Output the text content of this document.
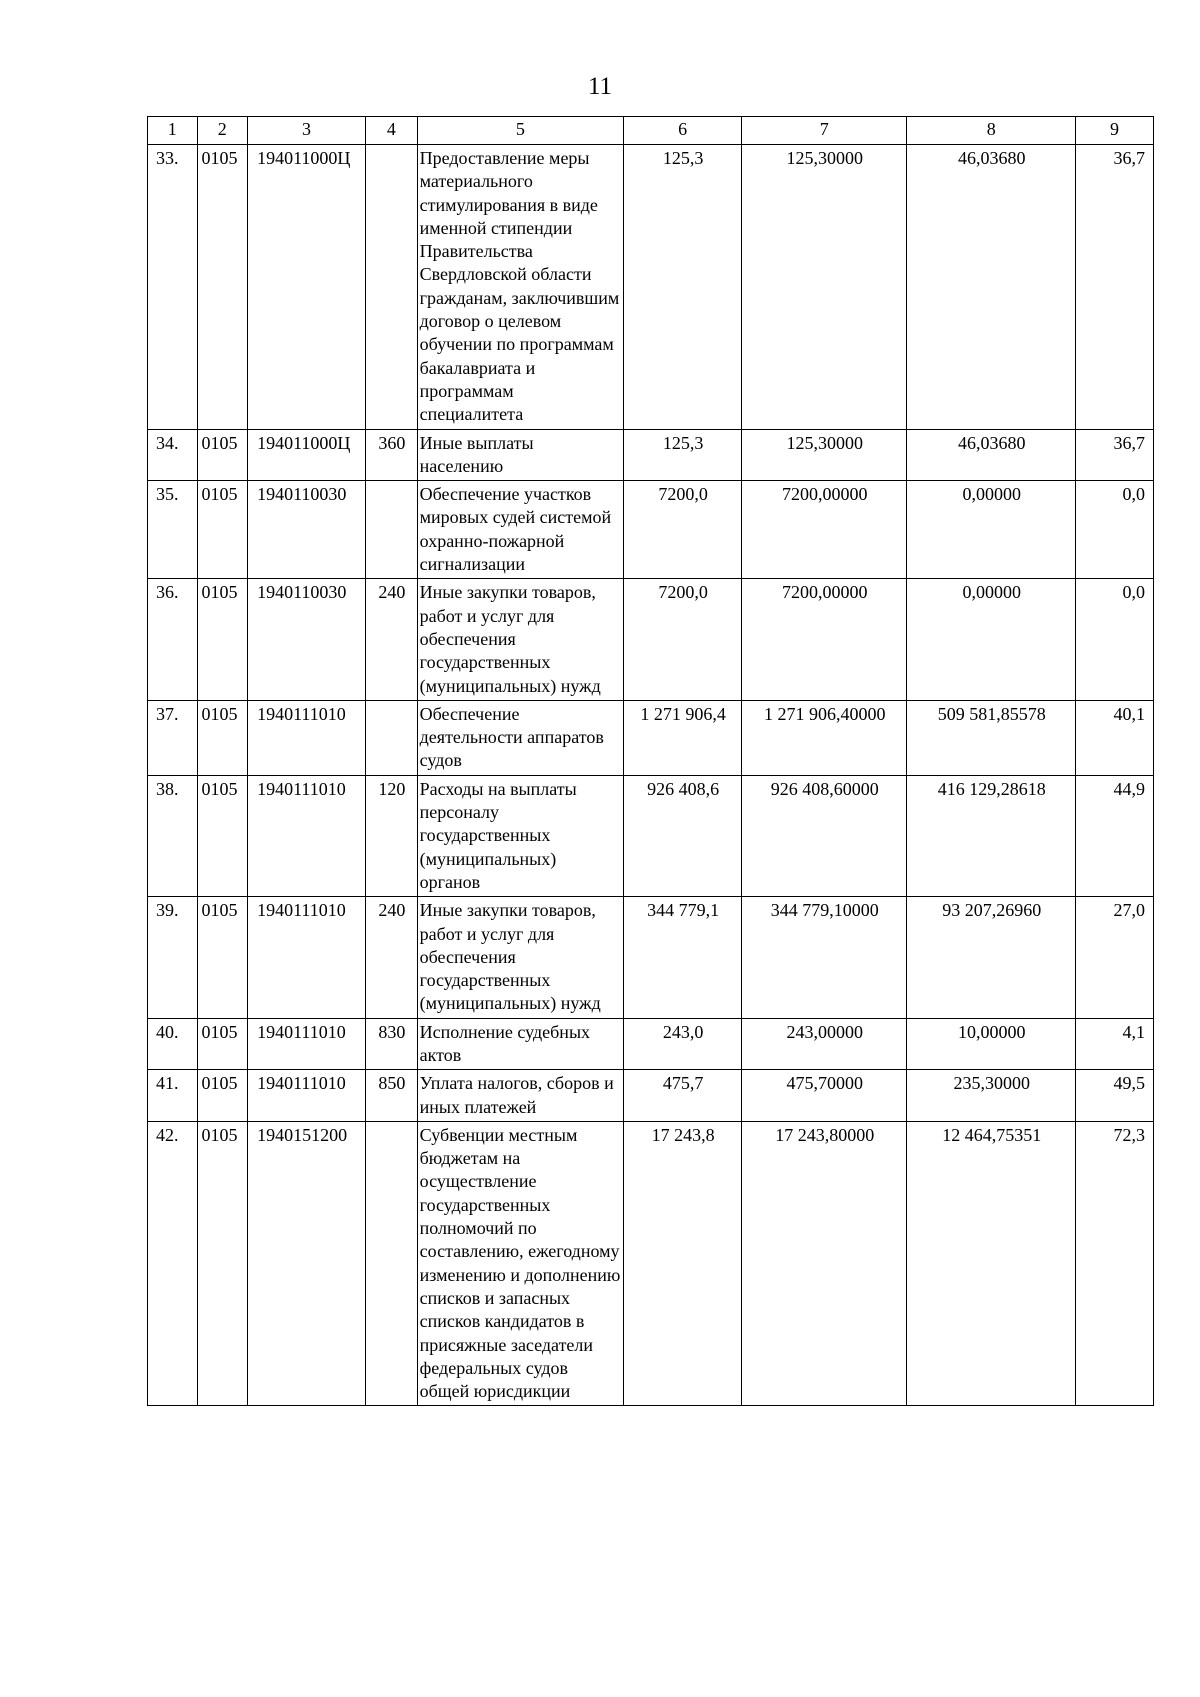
11
1	2	3	4	5	6	7	8	9
33.	0105	194011000Ц		Предоставление меры материального стимулирования в виде именной стипендии Правительства Свердловской области гражданам, заключившим договор о целевом обучении по программам бакалавриата и программам специалитета	125,3	125,30000	46,03680	36,7
34.	0105	194011000Ц	360	Иные выплаты населению	125,3	125,30000	46,03680	36,7
35.	0105	1940110030		Обеспечение участков мировых судей системой охранно-пожарной сигнализации	7200,0	7200,00000	0,00000	0,0
36.	0105	1940110030	240	Иные закупки товаров, работ и услуг для обеспечения государственных (муниципальных) нужд	7200,0	7200,00000	0,00000	0,0
37.	0105	1940111010		Обеспечение деятельности аппаратов судов	1 271 906,4	1 271 906,40000	509 581,85578	40,1
38.	0105	1940111010	120	Расходы на выплаты персоналу государственных (муниципальных) органов	926 408,6	926 408,60000	416 129,28618	44,9
39.	0105	1940111010	240	Иные закупки товаров, работ и услуг для обеспечения государственных (муниципальных) нужд	344 779,1	344 779,10000	93 207,26960	27,0
40.	0105	1940111010	830	Исполнение судебных актов	243,0	243,00000	10,00000	4,1
41.	0105	1940111010	850	Уплата налогов, сборов и иных платежей	475,7	475,70000	235,30000	49,5
42.	0105	1940151200		Субвенции местным бюджетам на осуществление государственных полномочий по составлению, ежегодному изменению и дополнению списков и запасных списков кандидатов в присяжные заседатели федеральных судов общей юрисдикции	17 243,8	17 243,80000	12 464,75351	72,3
